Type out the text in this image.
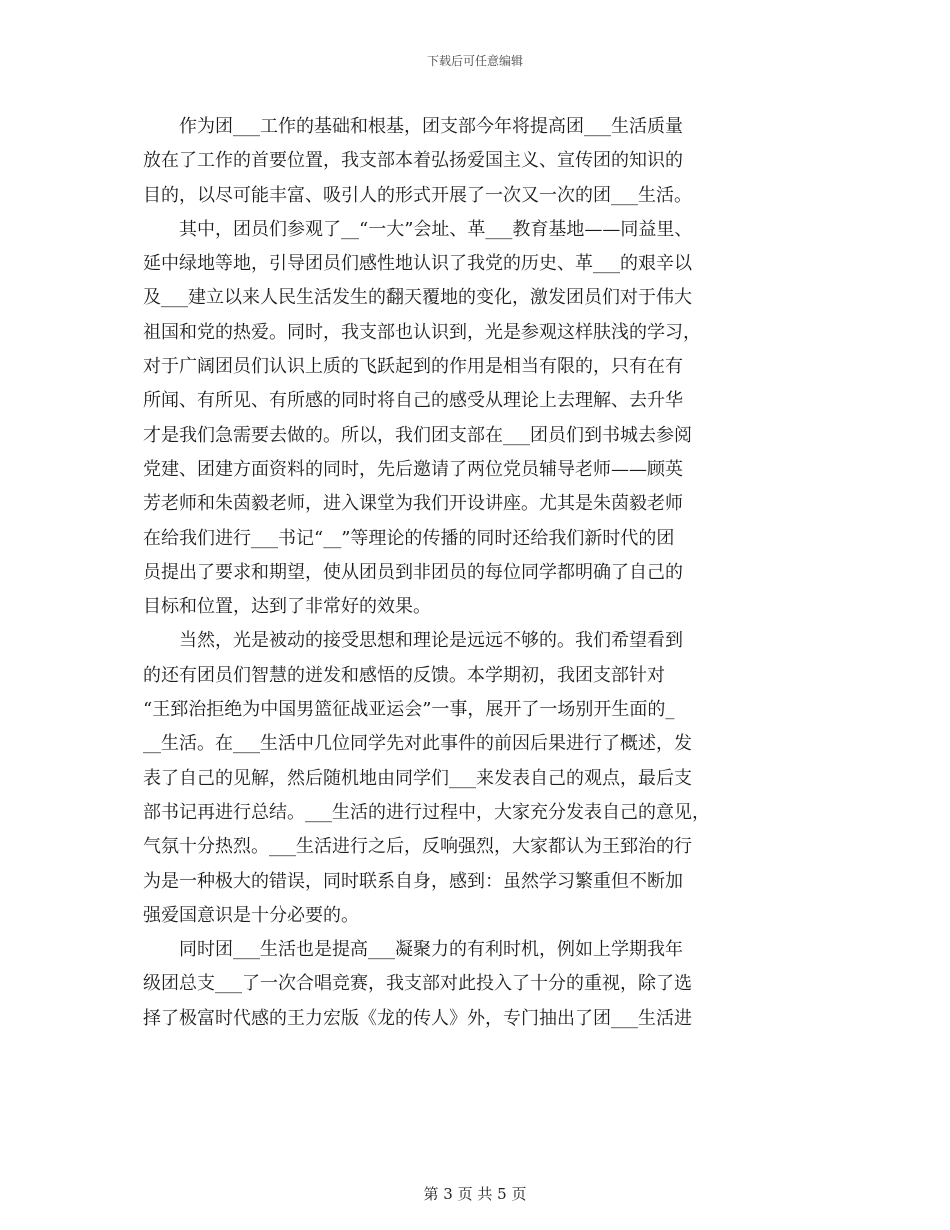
下载后可任意编辑
　　作为团___工作的基础和根基，团支部今年将提高团___生活质量
放在了工作的首要位置，我支部本着弘扬爱国主义、宣传团的知识的
目的，以尽可能丰富、吸引人的形式开展了一次又一次的团___生活。
　　其中，团员们参观了__“一大”会址、革___教育基地——同益里、
延中绿地等地，引导团员们感性地认识了我党的历史、革___的艰辛以
及___建立以来人民生活发生的翻天覆地的变化，激发团员们对于伟大
祖国和党的热爱。同时，我支部也认识到，光是参观这样肤浅的学习，
对于广阔团员们认识上质的飞跃起到的作用是相当有限的，只有在有
所闻、有所见、有所感的同时将自己的感受从理论上去理解、去升华
才是我们急需要去做的。所以，我们团支部在___团员们到书城去参阅
党建、团建方面资料的同时，先后邀请了两位党员辅导老师——顾英
芳老师和朱茵毅老师，进入课堂为我们开设讲座。尤其是朱茵毅老师
在给我们进行___书记“__”等理论的传播的同时还给我们新时代的团
员提出了要求和期望，使从团员到非团员的每位同学都明确了自己的
目标和位置，达到了非常好的效果。
　　当然，光是被动的接受思想和理论是远远不够的。我们希望看到
的还有团员们智慧的迸发和感悟的反馈。本学期初，我团支部针对
“王郅治拒绝为中国男篮征战亚运会”一事，展开了一场别开生面的_
__生活。在___生活中几位同学先对此事件的前因后果进行了概述，发
表了自己的见解，然后随机地由同学们___来发表自己的观点，最后支
部书记再进行总结。___生活的进行过程中，大家充分发表自己的意见，
气氛十分热烈。___生活进行之后，反响强烈，大家都认为王郅治的行
为是一种极大的错误，同时联系自身，感到：虽然学习繁重但不断加
强爱国意识是十分必要的。
　　同时团___生活也是提高___凝聚力的有利时机，例如上学期我年
级团总支___了一次合唱竞赛，我支部对此投入了十分的重视，除了选
择了极富时代感的王力宏版《龙的传人》外，专门抽出了团___生活进
第 3 页 共 5 页
